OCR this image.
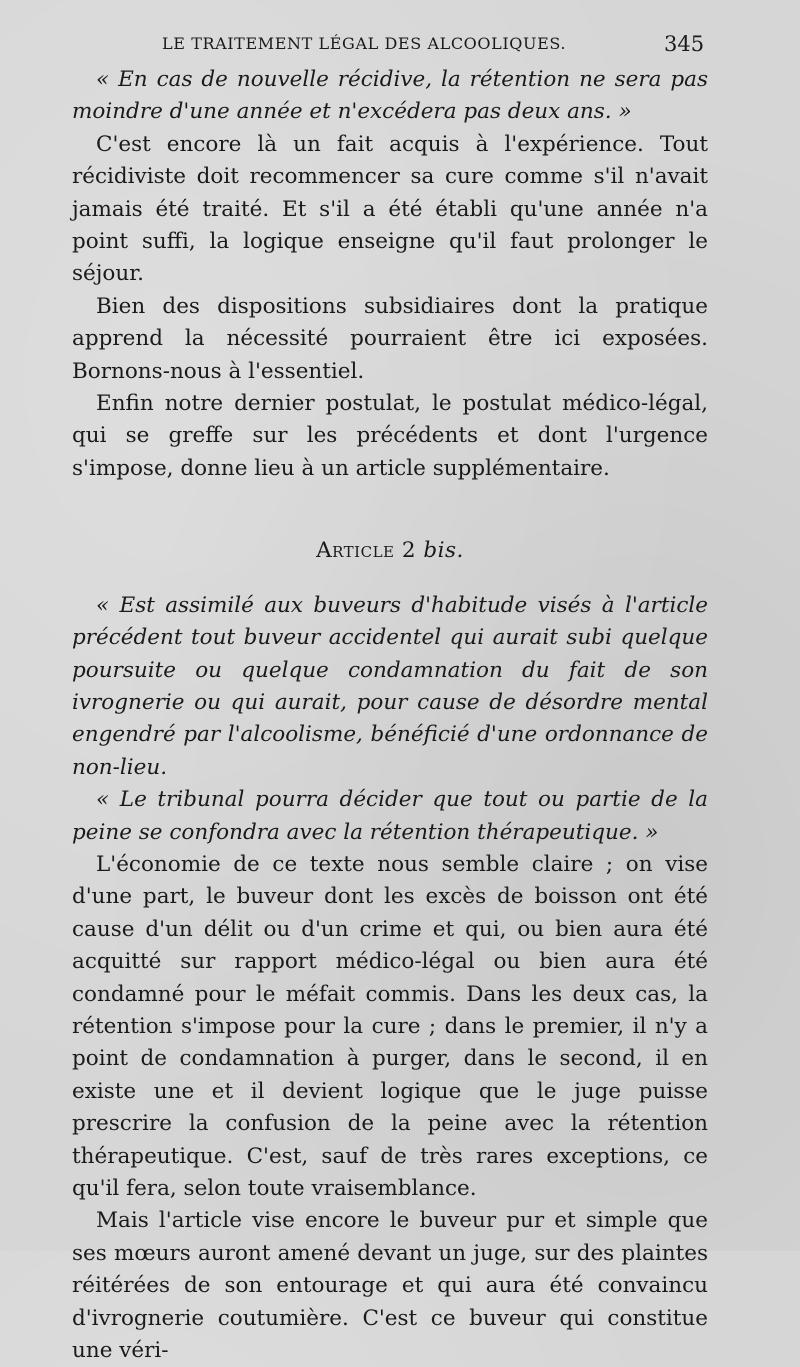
LE TRAITEMENT LÉGAL DES ALCOOLIQUES.	345

« En cas de nouvelle récidive, la rétention ne sera pas moindre d'une année et n'excédera pas deux ans. »

C'est encore là un fait acquis à l'expérience. Tout récidiviste doit recommencer sa cure comme s'il n'avait jamais été traité. Et s'il a été établi qu'une année n'a point suffi, la logique enseigne qu'il faut prolonger le séjour.

Bien des dispositions subsidiaires dont la pratique apprend la nécessité pourraient être ici exposées. Bornons-nous à l'essentiel.

Enfin notre dernier postulat, le postulat médico-légal, qui se greffe sur les précédents et dont l'urgence s'impose, donne lieu à un article supplémentaire.

Article 2 bis.

« Est assimilé aux buveurs d'habitude visés à l'article précédent tout buveur accidentel qui aurait subi quelque poursuite ou quelque condamnation du fait de son ivrognerie ou qui aurait, pour cause de désordre mental engendré par l'alcoolisme, bénéficié d'une ordonnance de non-lieu.

« Le tribunal pourra décider que tout ou partie de la peine se confondra avec la rétention thérapeutique. »

L'économie de ce texte nous semble claire ; on vise d'une part, le buveur dont les excès de boisson ont été cause d'un délit ou d'un crime et qui, ou bien aura été acquitté sur rapport médico-légal ou bien aura été condamné pour le méfait commis. Dans les deux cas, la rétention s'impose pour la cure ; dans le premier, il n'y a point de condamnation à purger, dans le second, il en existe une et il devient logique que le juge puisse prescrire la confusion de la peine avec la rétention thérapeutique. C'est, sauf de très rares exceptions, ce qu'il fera, selon toute vraisemblance.

Mais l'article vise encore le buveur pur et simple que ses mœurs auront amené devant un juge, sur des plaintes réitérées de son entourage et qui aura été convaincu d'ivrognerie coutumière. C'est ce buveur qui constitue une véri-
